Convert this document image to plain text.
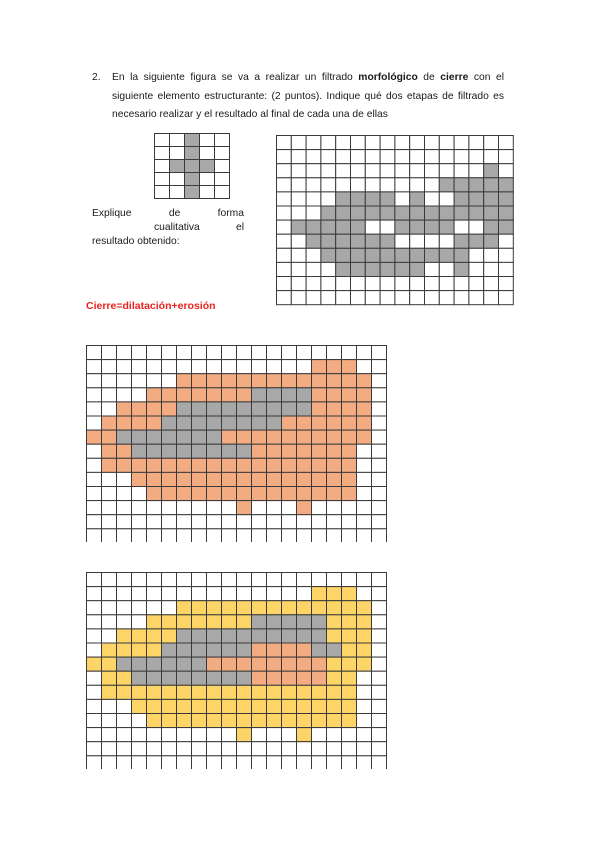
2. En la siguiente figura se va a realizar un filtrado morfológico de cierre con el siguiente elemento estructurante: (2 puntos). Indique qué dos etapas de filtrado es necesario realizar y el resultado al final de cada una de ellas

Explique	de	forma
cualitativa	el
resultado obtenido:
Cierre=dilatación+erosión
